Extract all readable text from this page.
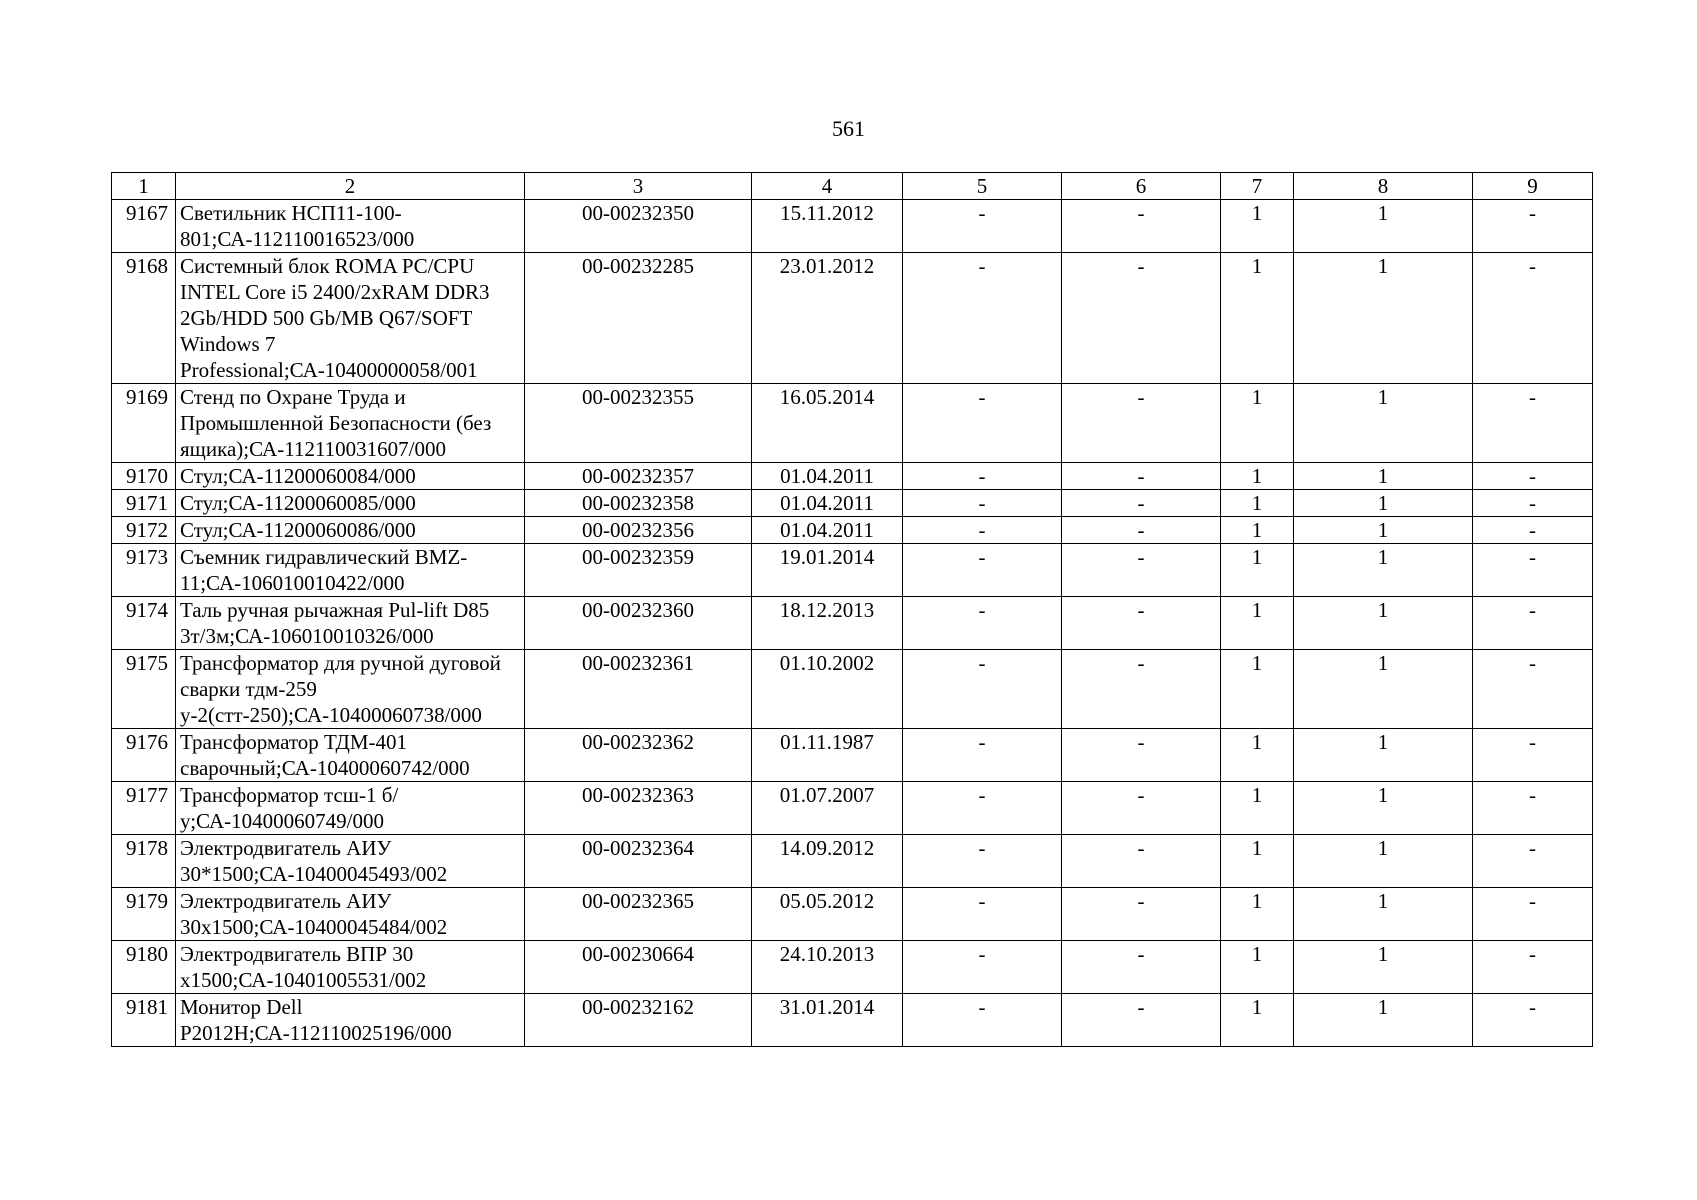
561
1	2	3	4	5	6	7	8	9
9167	Светильник НСП11-100-801;СА-112110016523/000	00-00232350	15.11.2012	-	-	1	1	-
9168	Системный блок ROMA PC/CPU INTEL Core i5 2400/2xRAM DDR3 2Gb/HDD 500 Gb/MB Q67/SOFT Windows 7 Professional;СА-10400000058/001	00-00232285	23.01.2012	-	-	1	1	-
9169	Стенд по Охране Труда и Промышленной Безопасности (без ящика);СА-112110031607/000	00-00232355	16.05.2014	-	-	1	1	-
9170	Стул;СА-11200060084/000	00-00232357	01.04.2011	-	-	1	1	-
9171	Стул;СА-11200060085/000	00-00232358	01.04.2011	-	-	1	1	-
9172	Стул;СА-11200060086/000	00-00232356	01.04.2011	-	-	1	1	-
9173	Съемник гидравлический BMZ-11;СА-106010010422/000	00-00232359	19.01.2014	-	-	1	1	-
9174	Таль ручная рычажная Pul-lift D85 3т/3м;СА-106010010326/000	00-00232360	18.12.2013	-	-	1	1	-
9175	Трансформатор для ручной дуговой сварки тдм-259 у-2(стт-250);СА-10400060738/000	00-00232361	01.10.2002	-	-	1	1	-
9176	Трансформатор ТДМ-401 сварочный;СА-10400060742/000	00-00232362	01.11.1987	-	-	1	1	-
9177	Трансформатор тсш-1 б/у;СА-10400060749/000	00-00232363	01.07.2007	-	-	1	1	-
9178	Электродвигатель АИУ 30*1500;СА-10400045493/002	00-00232364	14.09.2012	-	-	1	1	-
9179	Электродвигатель АИУ 30х1500;СА-10400045484/002	00-00232365	05.05.2012	-	-	1	1	-
9180	Электродвигатель ВПР 30 х1500;СА-10401005531/002	00-00230664	24.10.2013	-	-	1	1	-
9181	Монитор Dell P2012H;СА-112110025196/000	00-00232162	31.01.2014	-	-	1	1	-
